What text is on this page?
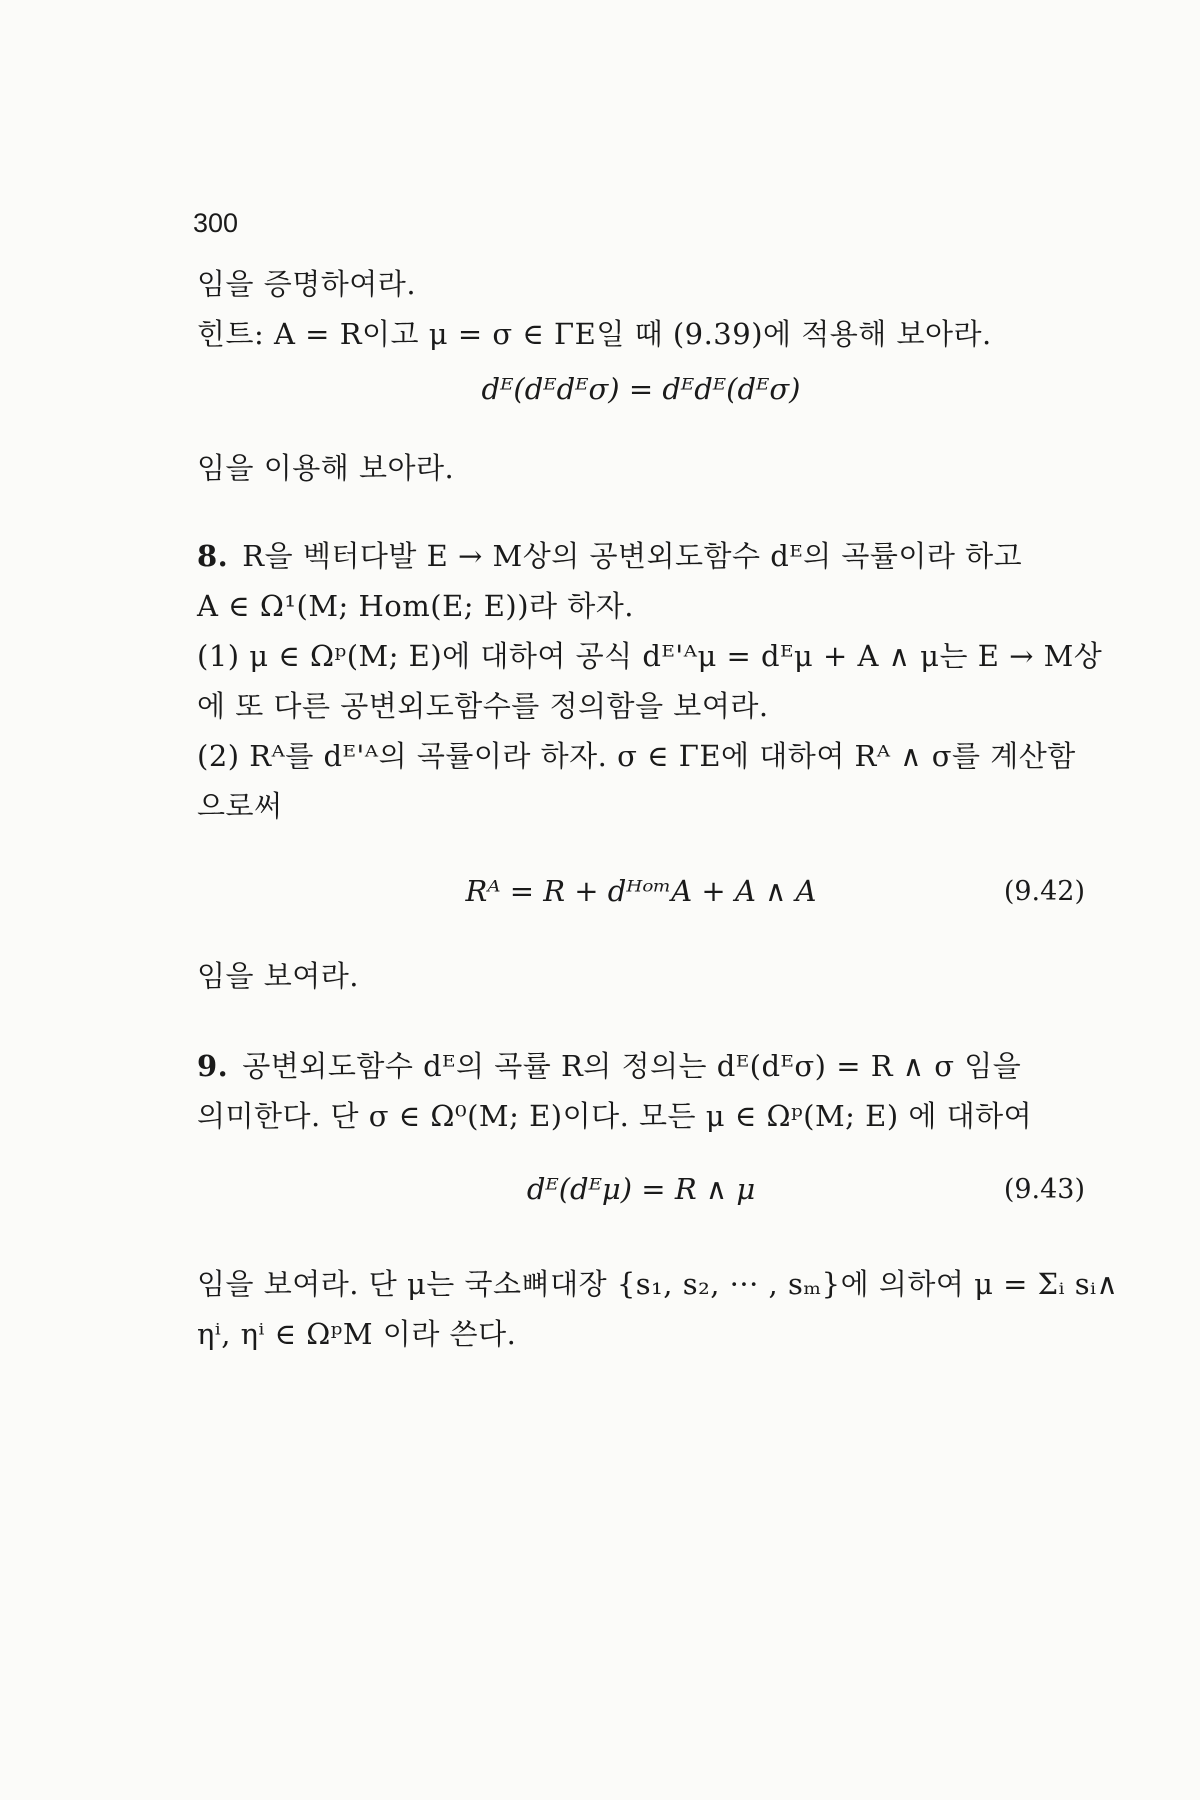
300
임을 증명하여라.
힌트: A = R이고 μ = σ ∈ ΓE일 때 (9.39)에 적용해 보아라.
dᴱ(dᴱdᴱσ) = dᴱdᴱ(dᴱσ)
임을 이용해 보아라.
8. R을 벡터다발 E → M상의 공변외도함수 dᴱ의 곡률이라 하고
A ∈ Ω¹(M; Hom(E; E))라 하자.
(1) μ ∈ Ωᵖ(M; E)에 대하여 공식 dᴱ'ᴬμ = dᴱμ + A ∧ μ는 E → M상
에 또 다른 공변외도함수를 정의함을 보여라.
(2) Rᴬ를 dᴱ'ᴬ의 곡률이라 하자. σ ∈ ΓE에 대하여 Rᴬ ∧ σ를 계산함
으로써
Rᴬ = R + dᴴᵒᵐA + A ∧ A	(9.42)
임을 보여라.
9. 공변외도함수 dᴱ의 곡률 R의 정의는 dᴱ(dᴱσ) = R ∧ σ 임을
의미한다. 단 σ ∈ Ω⁰(M; E)이다. 모든 μ ∈ Ωᵖ(M; E) 에 대하여
dᴱ(dᴱμ) = R ∧ μ	(9.43)
임을 보여라. 단 μ는 국소뼈대장 {s₁, s₂, ··· , sₘ}에 의하여 μ = Σᵢ sᵢ∧
ηⁱ, ηⁱ ∈ ΩᵖM 이라 쓴다.
